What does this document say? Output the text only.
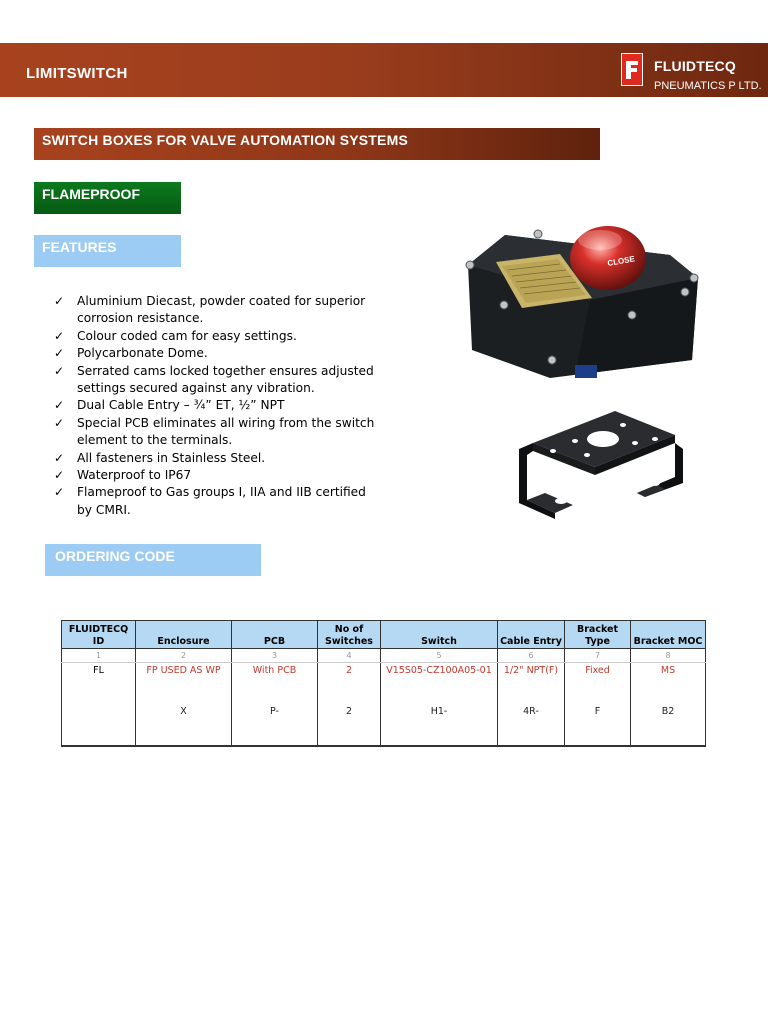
LIMITSWITCH	FLUIDTECQ
PNEUMATICS P LTD.
SWITCH BOXES FOR VALVE AUTOMATION SYSTEMS
FLAMEPROOF
FEATURES
✓ Aluminium Diecast, powder coated for superior corrosion resistance.
✓ Colour coded cam for easy settings.
✓ Polycarbonate Dome.
✓ Serrated cams locked together ensures adjusted settings secured against any vibration.
✓ Dual Cable Entry – ¾” ET, ½” NPT
✓ Special PCB eliminates all wiring from the switch element to the terminals.
✓ All fasteners in Stainless Steel.
✓ Waterproof to IP67
✓ Flameproof to Gas groups I, IIA and IIB certified by CMRI.
CLOSE
ORDERING CODE
FLUIDTECQ ID	Enclosure	PCB	No of Switches	Switch	Cable Entry	Bracket Type	Bracket MOC
1	2	3	4	5	6	7	8
FL	FP USED AS WP	With PCB	2	V15S05-CZ100A05-01	1/2" NPT(F)	Fixed	MS
	X	P-	2	H1-	4R-	F	B2
